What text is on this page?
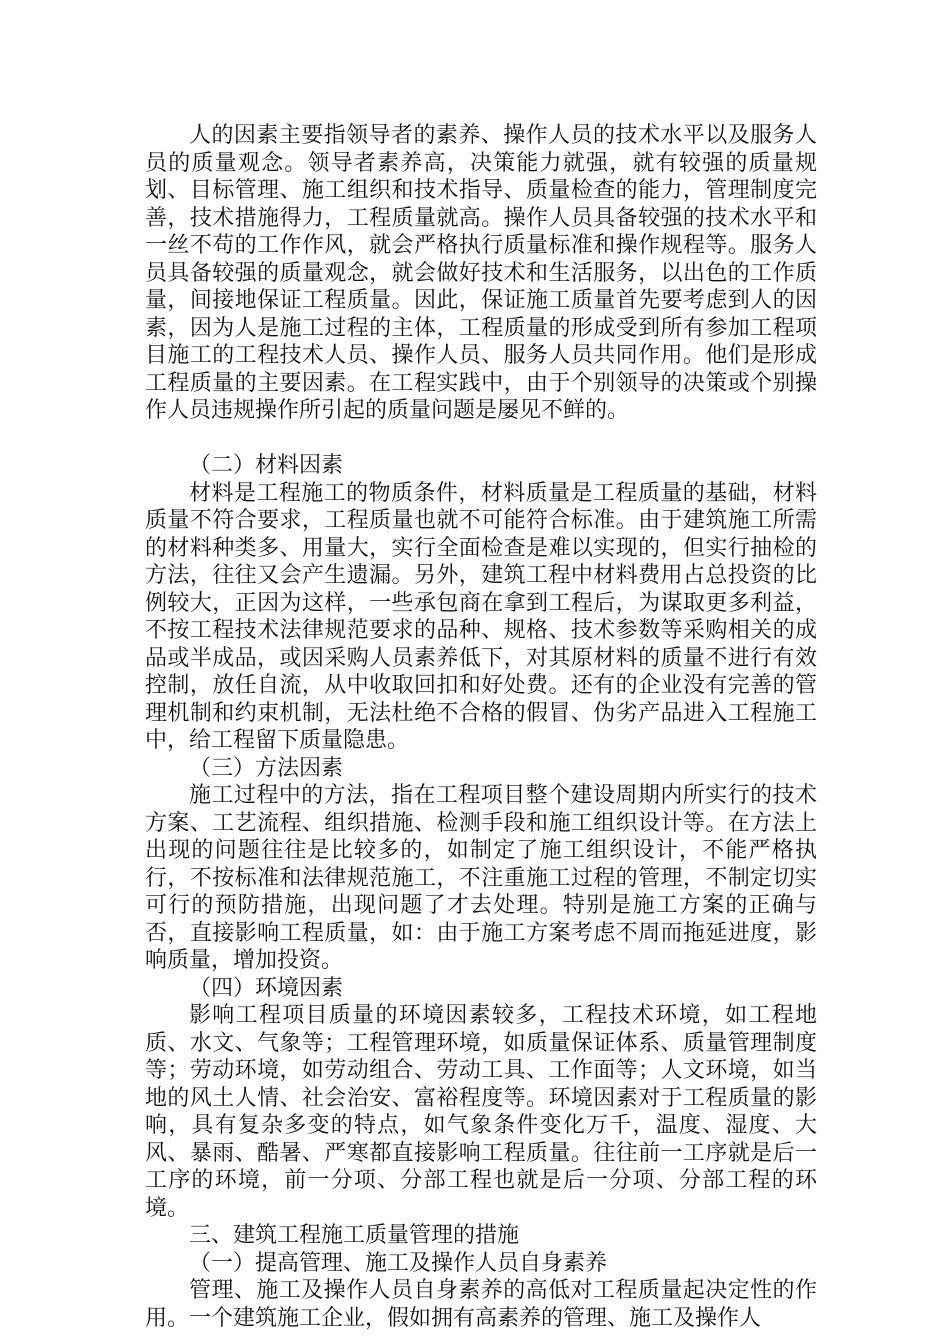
人的因素主要指领导者的素养、操作人员的技术水平以及服务人员的质量观念。领导者素养高，决策能力就强，就有较强的质量规划、目标管理、施工组织和技术指导、质量检查的能力，管理制度完善，技术措施得力，工程质量就高。操作人员具备较强的技术水平和一丝不苟的工作作风，就会严格执行质量标准和操作规程等。服务人员具备较强的质量观念，就会做好技术和生活服务，以出色的工作质量，间接地保证工程质量。因此，保证施工质量首先要考虑到人的因素，因为人是施工过程的主体，工程质量的形成受到所有参加工程项目施工的工程技术人员、操作人员、服务人员共同作用。他们是形成工程质量的主要因素。在工程实践中，由于个别领导的决策或个别操作人员违规操作所引起的质量问题是屡见不鲜的。

（二）材料因素

材料是工程施工的物质条件，材料质量是工程质量的基础，材料质量不符合要求，工程质量也就不可能符合标准。由于建筑施工所需的材料种类多、用量大，实行全面检查是难以实现的，但实行抽检的方法，往往又会产生遗漏。另外，建筑工程中材料费用占总投资的比例较大，正因为这样，一些承包商在拿到工程后，为谋取更多利益，不按工程技术法律规范要求的品种、规格、技术参数等采购相关的成品或半成品，或因采购人员素养低下，对其原材料的质量不进行有效控制，放任自流，从中收取回扣和好处费。还有的企业没有完善的管理机制和约束机制，无法杜绝不合格的假冒、伪劣产品进入工程施工中，给工程留下质量隐患。

（三）方法因素

施工过程中的方法，指在工程项目整个建设周期内所实行的技术方案、工艺流程、组织措施、检测手段和施工组织设计等。在方法上出现的问题往往是比较多的，如制定了施工组织设计，不能严格执行，不按标准和法律规范施工，不注重施工过程的管理，不制定切实可行的预防措施，出现问题了才去处理。特别是施工方案的正确与否，直接影响工程质量，如：由于施工方案考虑不周而拖延进度，影响质量，增加投资。

（四）环境因素

影响工程项目质量的环境因素较多，工程技术环境，如工程地质、水文、气象等；工程管理环境，如质量保证体系、质量管理制度等；劳动环境，如劳动组合、劳动工具、工作面等；人文环境，如当地的风土人情、社会治安、富裕程度等。环境因素对于工程质量的影响，具有复杂多变的特点，如气象条件变化万千，温度、湿度、大风、暴雨、酷暑、严寒都直接影响工程质量。往往前一工序就是后一工序的环境，前一分项、分部工程也就是后一分项、分部工程的环境。

三、建筑工程施工质量管理的措施

（一）提高管理、施工及操作人员自身素养

管理、施工及操作人员自身素养的高低对工程质量起决定性的作用。一个建筑施工企业，假如拥有高素养的管理、施工及操作人
